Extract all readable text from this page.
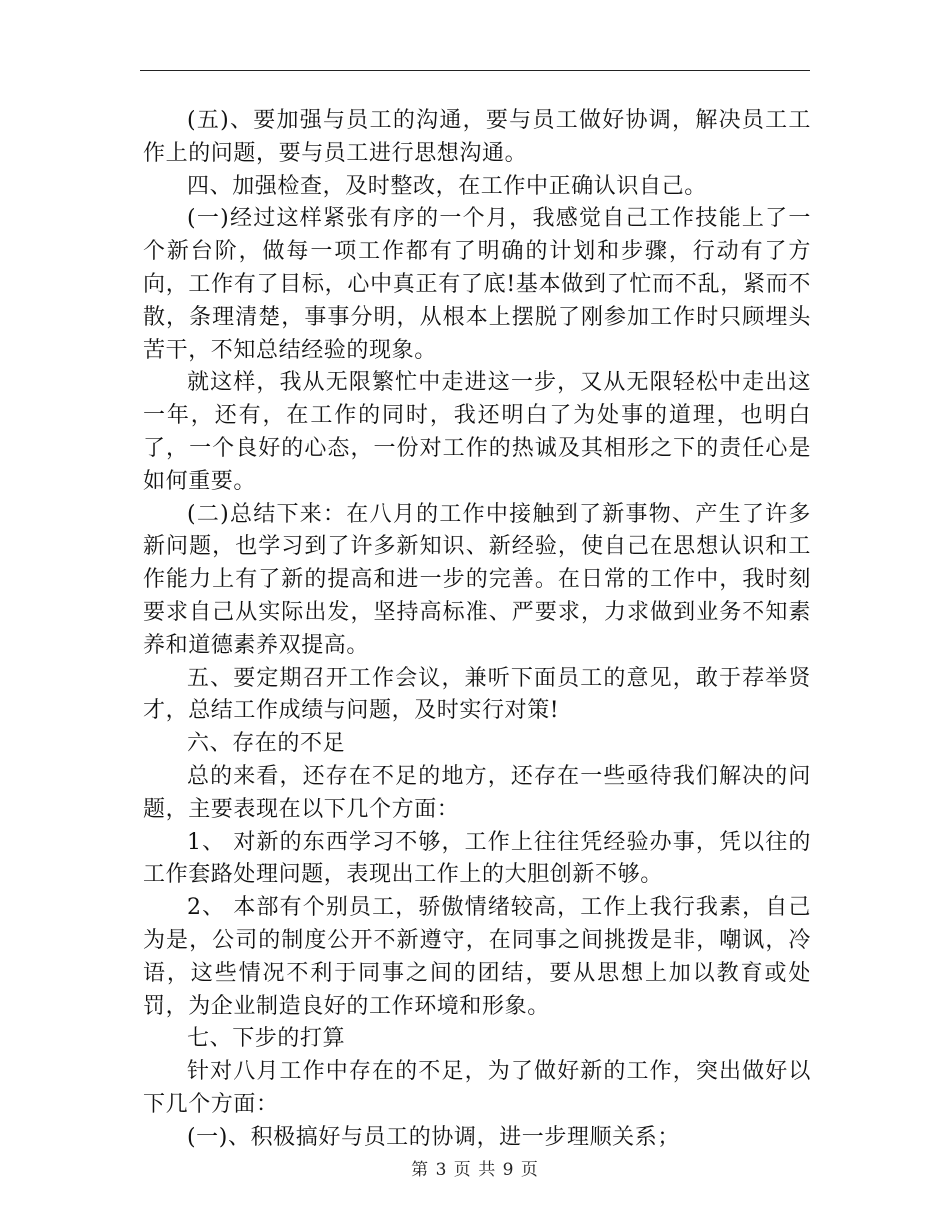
(五)、要加强与员工的沟通，要与员工做好协调，解决员工工作上的问题，要与员工进行思想沟通。

四、加强检查，及时整改，在工作中正确认识自己。

(一)经过这样紧张有序的一个月，我感觉自己工作技能上了一个新台阶，做每一项工作都有了明确的计划和步骤，行动有了方向，工作有了目标，心中真正有了底!基本做到了忙而不乱，紧而不散，条理清楚，事事分明，从根本上摆脱了刚参加工作时只顾埋头苦干，不知总结经验的现象。

就这样，我从无限繁忙中走进这一步，又从无限轻松中走出这一年，还有，在工作的同时，我还明白了为处事的道理，也明白了，一个良好的心态，一份对工作的热诚及其相形之下的责任心是如何重要。

(二)总结下来：在八月的工作中接触到了新事物、产生了许多新问题，也学习到了许多新知识、新经验，使自己在思想认识和工作能力上有了新的提高和进一步的完善。在日常的工作中，我时刻要求自己从实际出发，坚持高标准、严要求，力求做到业务不知素养和道德素养双提高。

五、要定期召开工作会议，兼听下面员工的意见，敢于荐举贤才，总结工作成绩与问题，及时实行对策!

六、存在的不足

总的来看，还存在不足的地方，还存在一些亟待我们解决的问题，主要表现在以下几个方面：

1、 对新的东西学习不够，工作上往往凭经验办事，凭以往的工作套路处理问题，表现出工作上的大胆创新不够。

2、 本部有个别员工，骄傲情绪较高，工作上我行我素，自己为是，公司的制度公开不新遵守，在同事之间挑拨是非，嘲讽，冷语，这些情况不利于同事之间的团结，要从思想上加以教育或处罚，为企业制造良好的工作环境和形象。

七、下步的打算

针对八月工作中存在的不足，为了做好新的工作，突出做好以下几个方面：

(一)、积极搞好与员工的协调，进一步理顺关系；

第 3 页 共 9 页
